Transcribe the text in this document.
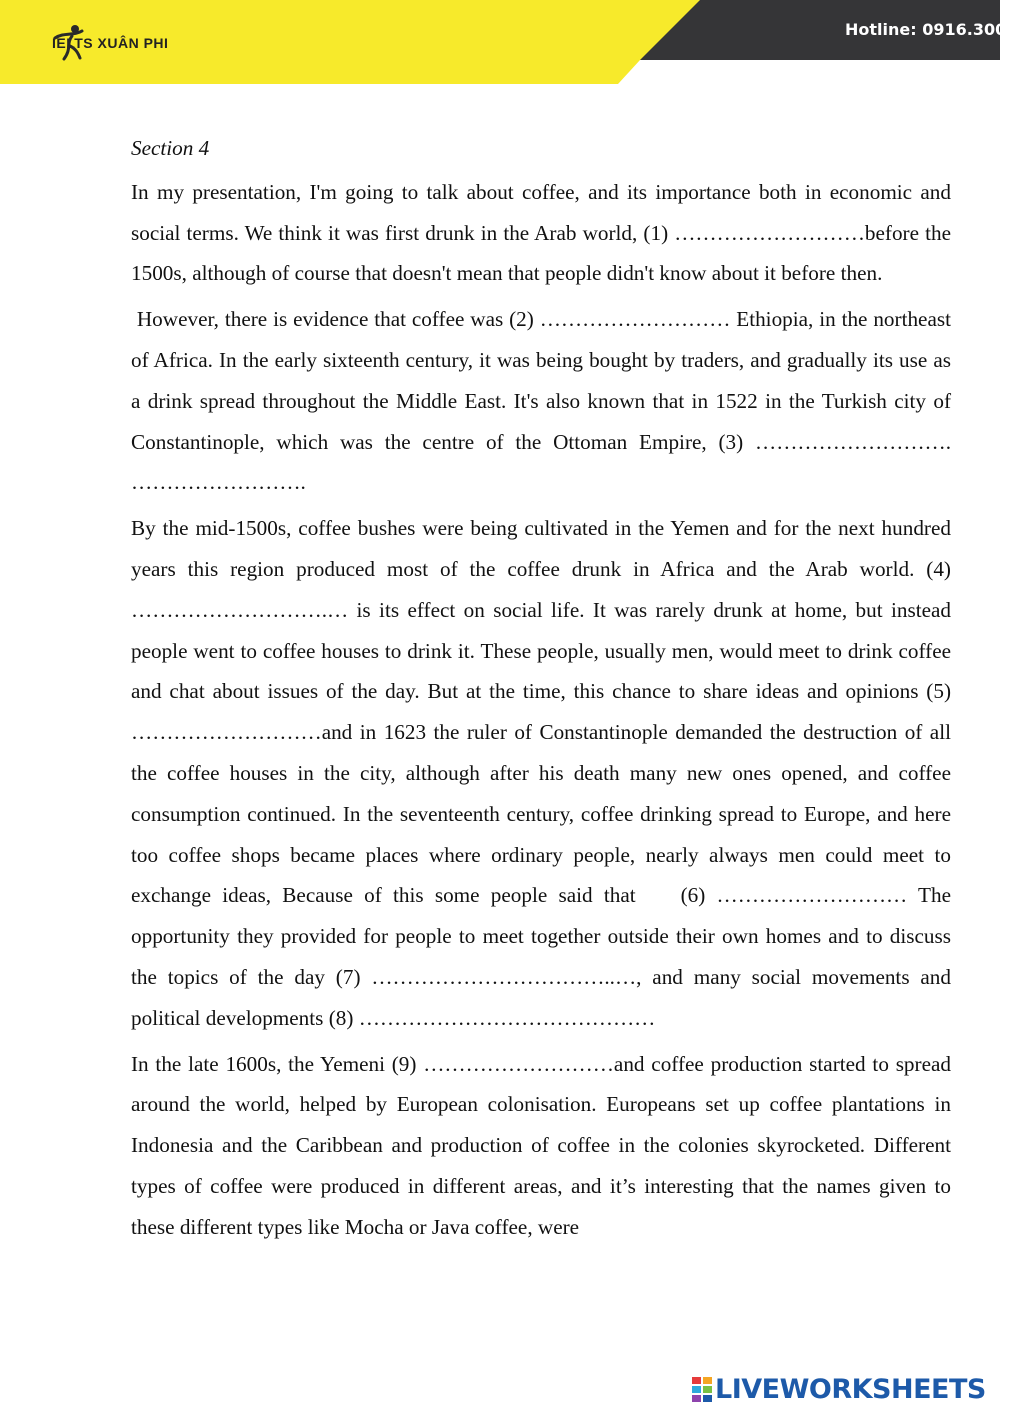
IELTS XUÂN PHI
Hotline: 0916.300.7
Section 4

In my presentation, I'm going to talk about coffee, and its importance both in economic and social terms. We think it was first drunk in the Arab world, (1) ………………………before the 1500s, although of course that doesn't mean that people didn't know about it before then.

However, there is evidence that coffee was (2) ……………………… Ethiopia, in the northeast of Africa. In the early sixteenth century, it was being bought by traders, and gradually its use as a drink spread throughout the Middle East. It's also known that in 1522 in the Turkish city of Constantinople, which was the centre of the Ottoman Empire, (3) ………………………. …………………….

By the mid-1500s, coffee bushes were being cultivated in the Yemen and for the next hundred years this region produced most of the coffee drunk in Africa and the Arab world. (4) ……………………….… is its effect on social life. It was rarely drunk at home, but instead people went to coffee houses to drink it. These people, usually men, would meet to drink coffee and chat about issues of the day. But at the time, this chance to share ideas and opinions (5) ………………………and in 1623 the ruler of Constantinople demanded the destruction of all the coffee houses in the city, although after his death many new ones opened, and coffee consumption continued. In the seventeenth century, coffee drinking spread to Europe, and here too coffee shops became places where ordinary people, nearly always men could meet to exchange ideas, Because of this some people said that    (6) ……………………… The opportunity they provided for people to meet together outside their own homes and to discuss the topics of the day (7) ……………………………..…, and many social movements and political developments (8) ……………………………………

In the late 1600s, the Yemeni (9) ………………………and coffee production started to spread around the world, helped by European colonisation. Europeans set up coffee plantations in Indonesia and the Caribbean and production of coffee in the colonies skyrocketed. Different types of coffee were produced in different areas, and it’s interesting that the names given to these different types like Mocha or Java coffee, were

LIVEWORKSHEETS
